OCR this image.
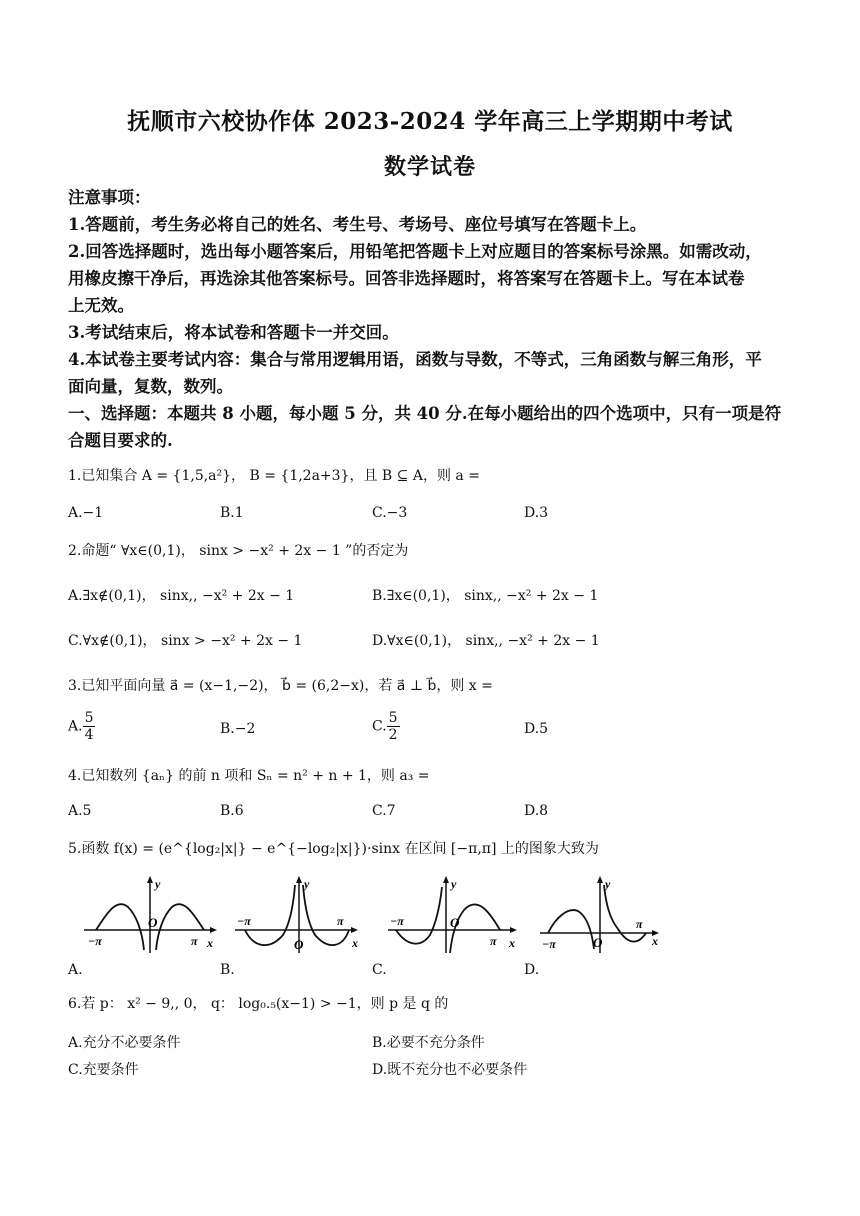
抚顺市六校协作体 2023-2024 学年高三上学期期中考试
数学试卷
注意事项：
1.答题前，考生务必将自己的姓名、考生号、考场号、座位号填写在答题卡上。
2.回答选择题时，选出每小题答案后，用铅笔把答题卡上对应题目的答案标号涂黑。如需改动，
用橡皮擦干净后，再选涂其他答案标号。回答非选择题时，将答案写在答题卡上。写在本试卷
上无效。
3.考试结束后，将本试卷和答题卡一并交回。
4.本试卷主要考试内容：集合与常用逻辑用语，函数与导数，不等式，三角函数与解三角形，平
面向量，复数，数列。
一、选择题：本题共 8 小题，每小题 5 分，共 40 分.在每小题给出的四个选项中，只有一项是符
合题目要求的.
1.已知集合 A = {1,5,a²}， B = {1,2a+3}，且 B ⊆ A，则 a =
A.−1	B.1	C.−3	D.3
2.命题“ ∀x∈(0,1)， sinx > −x² + 2x − 1 ”的否定为
A.∃x∉(0,1)， sinx,, −x² + 2x − 1	B.∃x∈(0,1)， sinx,, −x² + 2x − 1
C.∀x∉(0,1)， sinx > −x² + 2x − 1	D.∀x∈(0,1)， sinx,, −x² + 2x − 1
3.已知平面向量 a⃗ = (x−1,−2)， b⃗ = (6,2−x)，若 a⃗ ⊥ b⃗，则 x =
A. $\frac{5}{4}$	B.−2	C. $\frac{5}{2}$	D.5
4.已知数列 {aₙ} 的前 n 项和 Sₙ = n² + n + 1，则 a₃ =
A.5	B.6	C.7	D.8
5.函数 f(x) = (e^{log₂|x|} − e^{−log₂|x|})·sinx 在区间 [−π,π] 上的图象大致为
y
x
O
−π	π
y
x
O
−π	π
y
x
O
−π
π
y
x
O
−π
π
A.	B.	C.	D.
6.若 p： x² − 9,, 0， q： log₀.₅(x−1) > −1，则 p 是 q 的
A.充分不必要条件	B.必要不充分条件
C.充要条件	D.既不充分也不必要条件
